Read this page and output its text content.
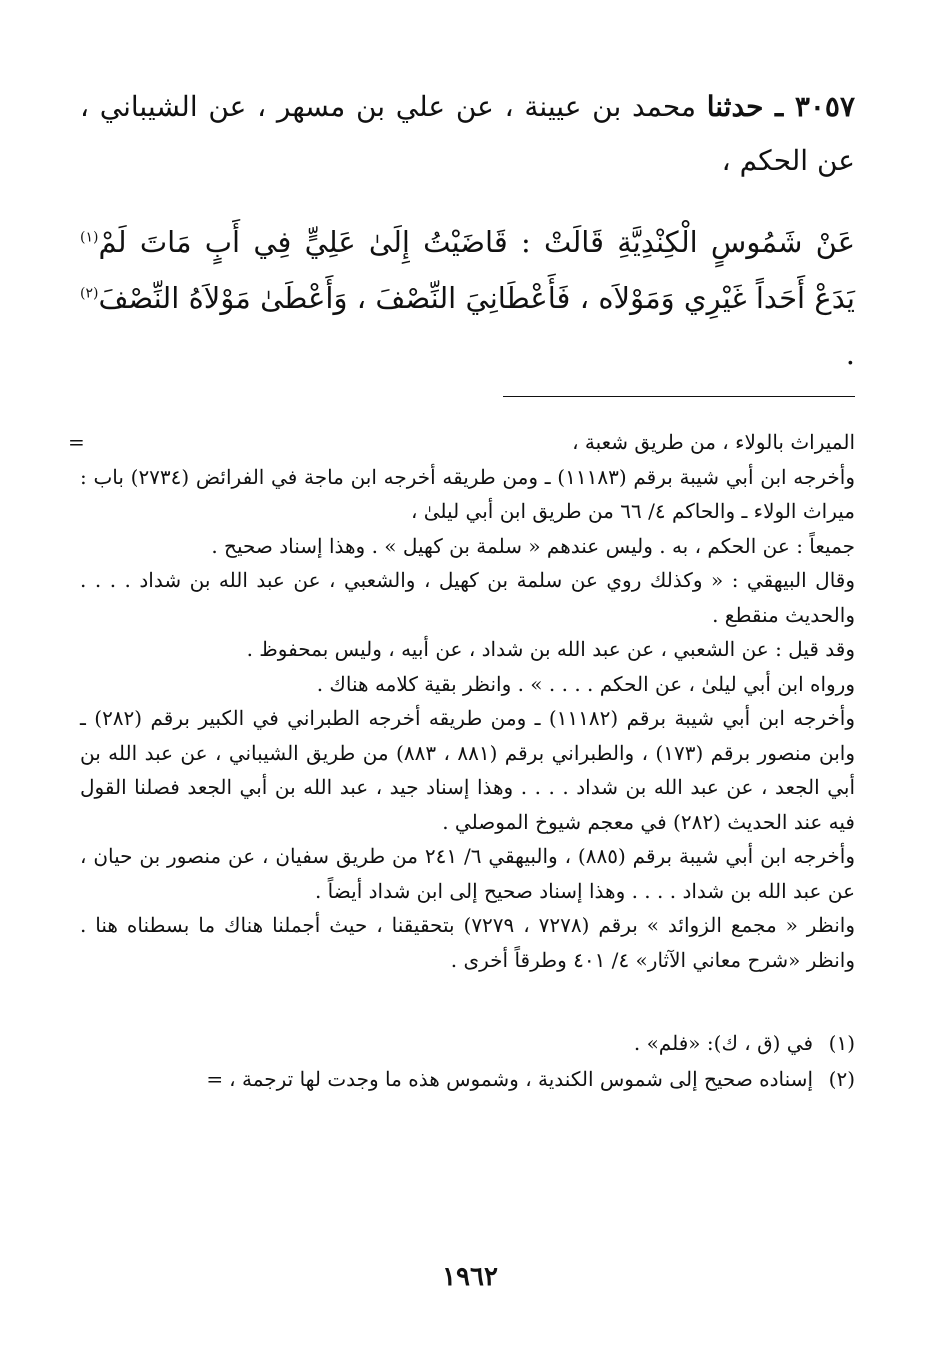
٣٠٥٧ ـ حدثنا محمد بن عيينة ، عن علي بن مسهر ، عن الشيباني ، عن الحكم ،
عَنْ شَمُوسٍ الْكِنْدِيَّةِ قَالَتْ : قَاضَيْتُ إِلَىٰ عَلِيٍّ فِي أَبٍ مَاتَ لَمْ$^{(١)}$ يَدَعْ أَحَداً غَيْرِي وَمَوْلاَه ، فَأَعْطَانِيَ النِّصْفَ ، وَأَعْطَىٰ مَوْلاَهُ النِّصْفَ$^{(٢)}$ .
=	الميراث بالولاء ، من طريق شعبة ،

وأخرجه ابن أبي شيبة برقم (١١١٨٣) ـ ومن طريقه أخرجه ابن ماجة في الفرائض (٢٧٣٤) باب : ميراث الولاء ـ والحاكم ٤/ ٦٦ من طريق ابن أبي ليلىٰ ،

جميعاً : عن الحكم ، به . وليس عندهم « سلمة بن كهيل » . وهذا إسناد صحيح .

وقال البيهقي : « وكذلك روي عن سلمة بن كهيل ، والشعبي ، عن عبد الله بن شداد . . . . والحديث منقطع .

وقد قيل : عن الشعبي ، عن عبد الله بن شداد ، عن أبيه ، وليس بمحفوظ .

ورواه ابن أبي ليلىٰ ، عن الحكم . . . . » . وانظر بقية كلامه هناك .

وأخرجه ابن أبي شيبة برقم (١١١٨٢) ـ ومن طريقه أخرجه الطبراني في الكبير برقم (٢٨٢) ـ وابن منصور برقم (١٧٣) ، والطبراني برقم (٨٨١ ، ٨٨٣) من طريق الشيباني ، عن عبد الله بن أبي الجعد ، عن عبد الله بن شداد . . . . وهذا إسناد جيد ، عبد الله بن أبي الجعد فصلنا القول فيه عند الحديث (٢٨٢) في معجم شيوخ الموصلي .

وأخرجه ابن أبي شيبة برقم (٨٨٥) ، والبيهقي ٦/ ٢٤١ من طريق سفيان ، عن منصور بن حيان ، عن عبد الله بن شداد . . . . وهذا إسناد صحيح إلى ابن شداد أيضاً .

وانظر « مجمع الزوائد » برقم (٧٢٧٨ ، ٧٢٧٩) بتحقيقنا ، حيث أجملنا هناك ما بسطناه هنا . وانظر «شرح معاني الآثار» ٤/ ٤٠١ وطرقاً أخرى .

(١)
في (ق ، ك): «فلم» .
(٢)
إسناده صحيح إلى شموس الكندية ، وشموس هذه ما وجدت لها ترجمة ،=
١٩٦٢
